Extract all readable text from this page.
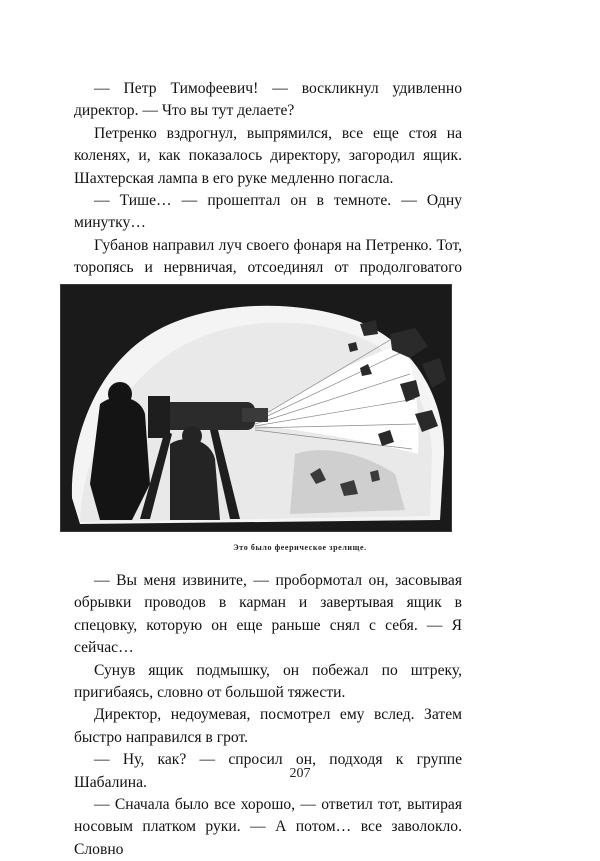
— Петр Тимофеевич! — воскликнул удивленно директор. — Что вы тут делаете?

Петренко вздрогнул, выпрямился, все еще стоя на коленях, и, как показалось директору, загородил ящик. Шахтерская лампа в его руке медленно погасла.

— Тише… — прошептал он в темноте. — Одну минутку…

Губанов направил луч своего фонаря на Петренко. Тот, торопясь и нервничая, отсоединял от продолговатого

Это было феерическое зрелище.

— Вы меня извините, — пробормотал он, засовывая обрывки проводов в карман и завертывая ящик в спецовку, которую он еще раньше снял с себя. — Я сейчас…

Сунув ящик подмышку, он побежал по штреку, пригибаясь, словно от большой тяжести.

Директор, недоумевая, посмотрел ему вслед. Затем быстро направился в грот.

— Ну, как? — спросил он, подходя к группе Шабалина.

— Сначала было все хорошо, — ответил тот, вытирая носовым платком руки. — А потом… все заволокло. Словно

207
